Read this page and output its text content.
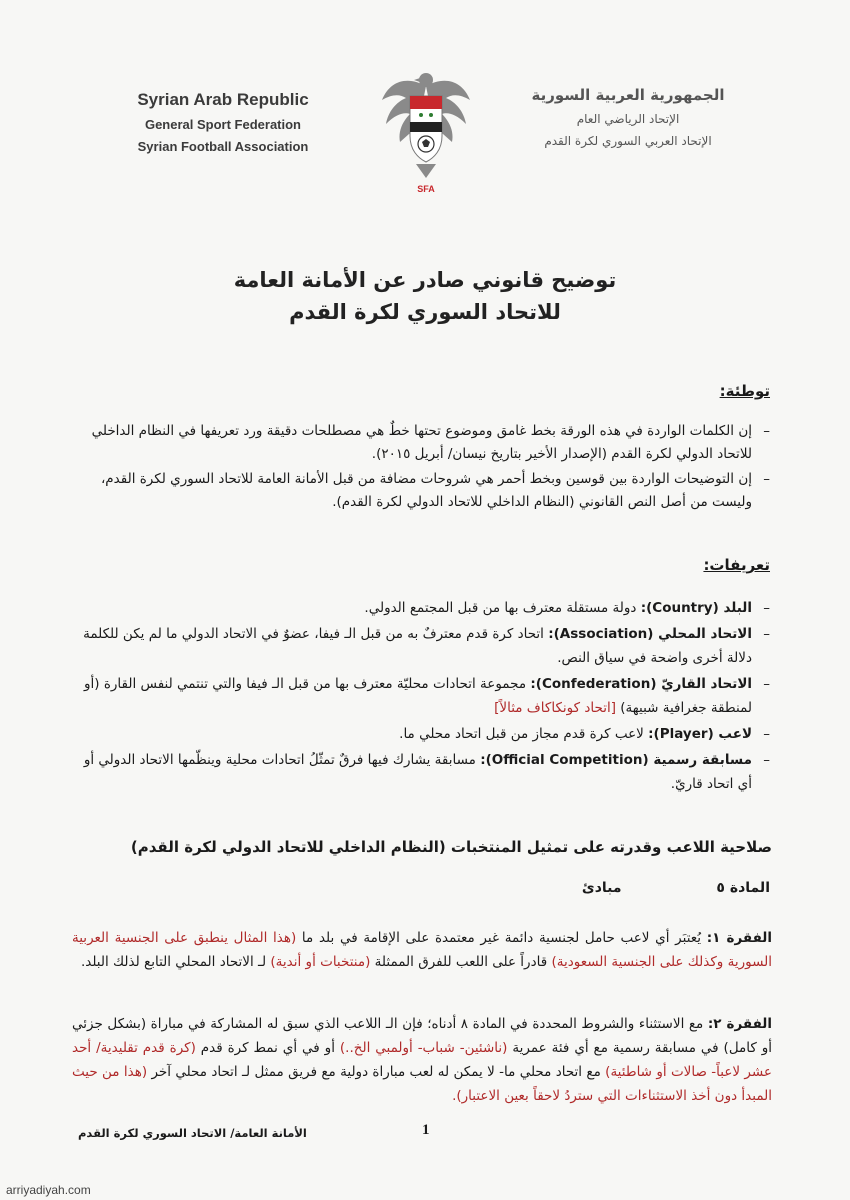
Syrian Arab Republic
General Sport Federation
Syrian Football Association
SFA
الجمهورية العربية السورية
الإتحاد الرياضي العام
الإتحاد العربي السوري لكرة القدم
توضيح قانوني صادر عن الأمانة العامة
للاتحاد السوري لكرة القدم
توطئة:
– إن الكلمات الواردة في هذه الورقة بخط غامق وموضوع تحتها خطٌ هي مصطلحات دقيقة ورد تعريفها في النظام الداخلي للاتحاد الدولي لكرة القدم (الإصدار الأخير بتاريخ نيسان/ أبريل ٢٠١٥).
– إن التوضيحات الواردة بين قوسين وبخط أحمر هي شروحات مضافة من قبل الأمانة العامة للاتحاد السوري لكرة القدم، وليست من أصل النص القانوني (النظام الداخلي للاتحاد الدولي لكرة القدم).
تعريفات:
– البلد (Country): دولة مستقلة معترف بها من قبل المجتمع الدولي.
– الاتحاد المحلي (Association): اتحاد كرة قدم معترفٌ به من قبل الـ فيفا، عضوٌ في الاتحاد الدولي ما لم يكن للكلمة دلالة أخرى واضحة في سياق النص.
– الاتحاد القاريّ (Confederation): مجموعة اتحادات محليّة معترف بها من قبل الـ فيفا والتي تنتمي لنفس القارة (أو لمنطقة جغرافية شبيهة) [اتحاد كونكاكاف مثالاً]
– لاعب (Player): لاعب كرة قدم مجاز من قبل اتحاد محلي ما.
– مسابقة رسمية (Official Competition): مسابقة يشارك فيها فرقٌ تمثّلُ اتحادات محلية وينظّمها الاتحاد الدولي أو أي اتحاد قاريّ.
صلاحية اللاعب وقدرته على تمثيل المنتخبات (النظام الداخلي للاتحاد الدولي لكرة القدم)
المادة ٥ مبادئ
الفقرة ١: يُعتبَر أي لاعب حامل لجنسية دائمة غير معتمدة على الإقامة في بلد ما (هذا المثال ينطبق على الجنسية العربية السورية وكذلك على الجنسية السعودية) قادراً على اللعب للفرق الممثلة (منتخبات أو أندية) لـ الاتحاد المحلي التابع لذلك البلد.
الفقرة ٢: مع الاستثناء والشروط المحددة في المادة ٨ أدناه؛ فإن الـ اللاعب الذي سبق له المشاركة في مباراة (بشكل جزئي أو كامل) في مسابقة رسمية مع أي فئة عمرية (ناشئين- شباب- أولمبي الخ..) أو في أي نمط كرة قدم (كرة قدم تقليدية/ أحد عشر لاعباً- صالات أو شاطئية) مع اتحاد محلي ما- لا يمكن له لعب مباراة دولية مع فريق ممثل لـ اتحاد محلي آخر (هذا من حيث المبدأ دون أخذ الاستثناءات التي ستردُ لاحقاً بعين الاعتبار).
الأمانة العامة/ الاتحاد السوري لكرة القدم	1
arriyadiyah.com
